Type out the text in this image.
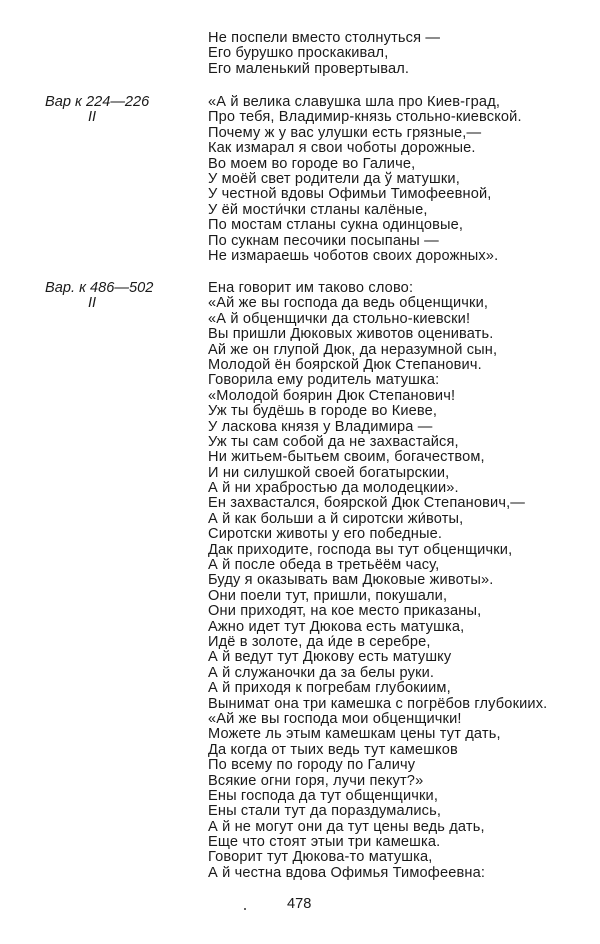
Не поспели вместо столнуться —
Его бурушко проскакивал,
Его маленький провертывал.
Вар к 224—226
II
«А й велика славушка шла про Киев-град,
Про тебя, Владимир-князь стольно-киевской.
Почему ж у вас улушки есть грязные,—
Как измарал я свои чоботы дорожные.
Во моем во городе во Галиче,
У моёй свет родители да ў матушки,
У честной вдовы Офимьи Тимофеевной,
У ёй мости́чки стланы калёные,
По мостам стланы сукна одинцовые,
По сукнам песочики посыпаны —
Не измараешь чоботов своих дорожных».
Вар. к 486—502
II
Ена говорит им таково слово:
«Ай же вы господа да ведь обценщички,
«А й обценщички да стольно-киевски!
Вы пришли Дюковых животов оценивать.
Ай же он глупой Дюк, да неразумной сын,
Молодой ён боярской Дюк Степанович.
Говорила ему родитель матушка:
«Молодой боярин Дюк Степанович!
Уж ты будёшь в городе во Киеве,
У ласкова князя у Владимира —
Уж ты сам собой да не захвастайся,
Ни житьем-бытьем своим, богачеством,
И ни силушкой своей богатырскии,
А й ни храбростью да молодецкии».
Ен захвастался, боярской Дюк Степанович,—
А й как больши а й сиротски жи́воты,
Сиротски животы у его победные.
Дак приходите, господа вы тут обценщички,
А й после обеда в третьёём часу,
Буду я оказывать вам Дюковые животы».
Они поели тут, пришли, покушали,
Они приходят, на кое место приказаны,
Ажно идет тут Дюкова есть матушка,
Идё в золоте, да и́де в серебре,
А й ведут тут Дюкову есть матушку
А й служаночки да за белы руки.
А й приходя к погребам глубокиим,
Вынимат она три камешка с погрёбов глубокиих.
«Ай же вы господа мои обценщички!
Можете ль этым камешкам цены тут дать,
Да когда от тыих ведь тут камешков
По всему по городу по Галичу
Всякие огни горя, лучи пекут?»
Ены господа да тут общенщички,
Ены стали тут да пораздумались,
А й не могут они да тут цены ведь дать,
Еще что стоят этыи три камешка.
Говорит тут Дюкова-то матушка,
А й честна вдова Офимья Тимофеевна:
478
